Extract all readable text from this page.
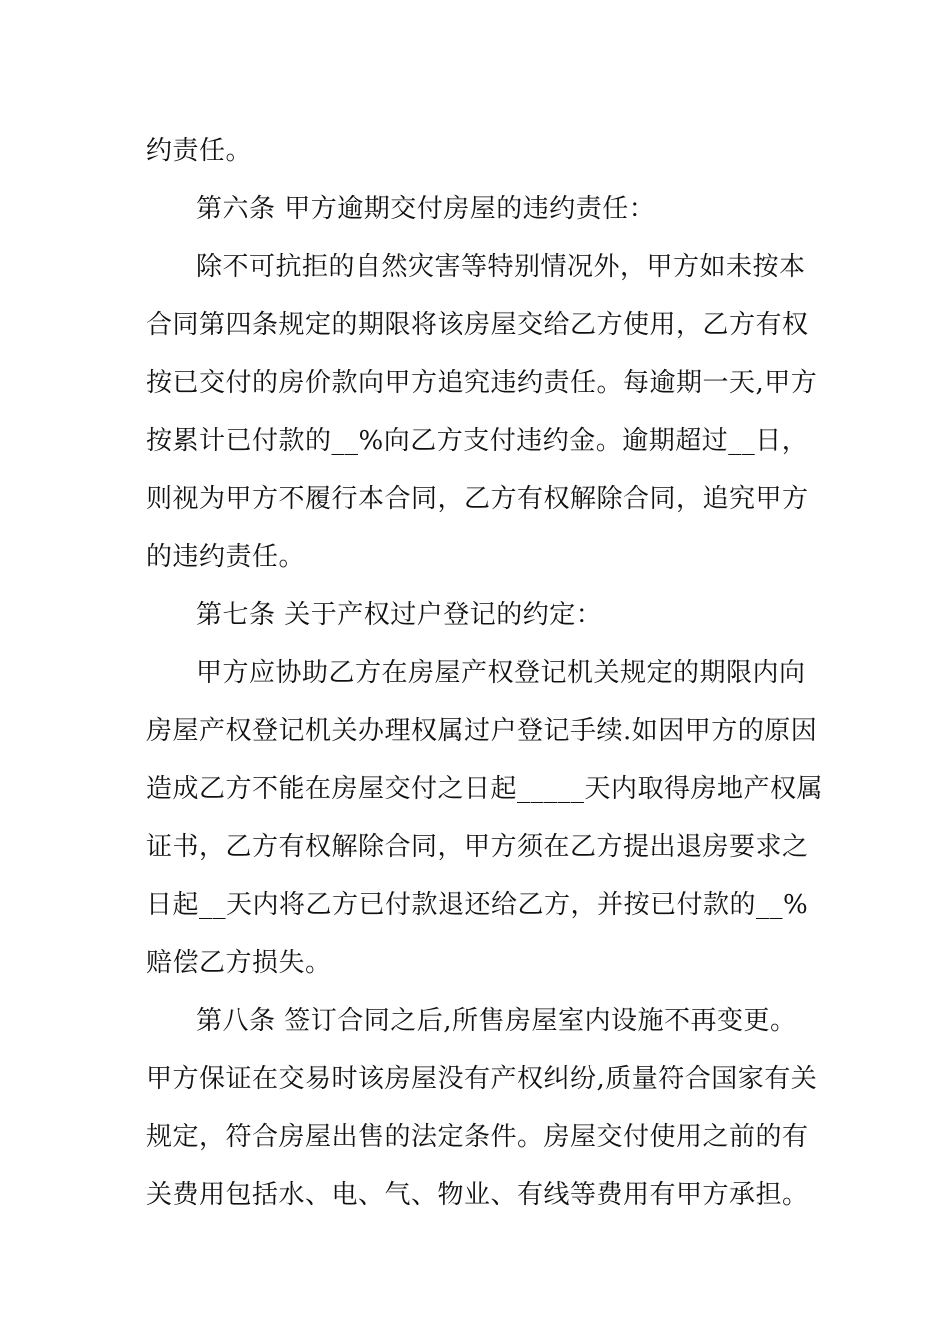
约责任。
第六条 甲方逾期交付房屋的违约责任：
除不可抗拒的自然灾害等特别情况外，甲方如未按本
合同第四条规定的期限将该房屋交给乙方使用，乙方有权
按已交付的房价款向甲方追究违约责任。每逾期一天,甲方
按累计已付款的__%向乙方支付违约金。逾期超过__日，
则视为甲方不履行本合同，乙方有权解除合同，追究甲方
的违约责任。
第七条 关于产权过户登记的约定：
甲方应协助乙方在房屋产权登记机关规定的期限内向
房屋产权登记机关办理权属过户登记手续.如因甲方的原因
造成乙方不能在房屋交付之日起_____天内取得房地产权属
证书，乙方有权解除合同，甲方须在乙方提出退房要求之
日起__天内将乙方已付款退还给乙方，并按已付款的__%
赔偿乙方损失。
第八条 签订合同之后,所售房屋室内设施不再变更。
甲方保证在交易时该房屋没有产权纠纷,质量符合国家有关
规定，符合房屋出售的法定条件。房屋交付使用之前的有
关费用包括水、电、气、物业、有线等费用有甲方承担。
